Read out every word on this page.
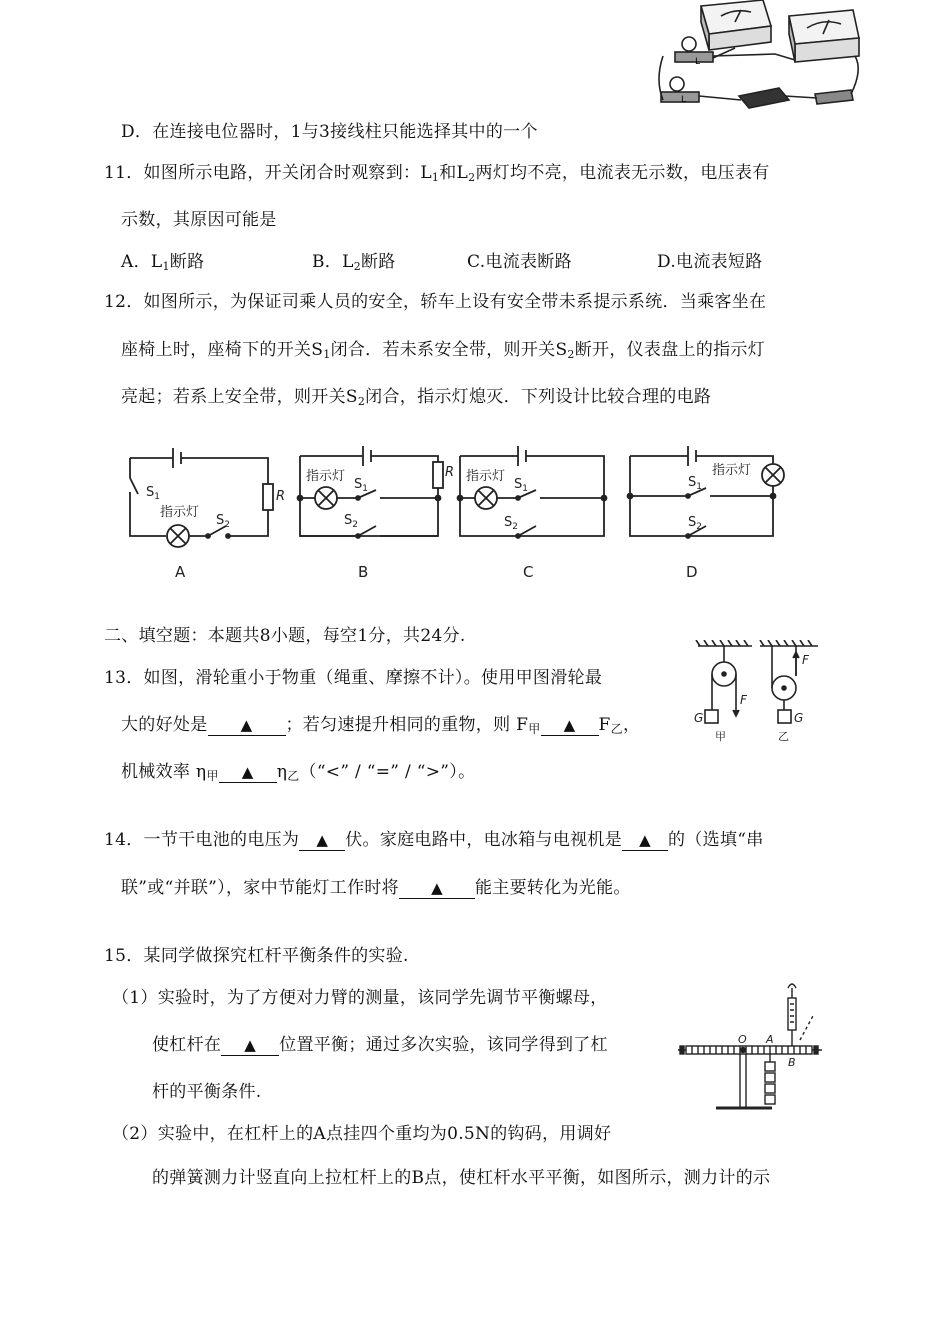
L
L
D．在连接电位器时，1与3接线柱只能选择其中的一个
11．如图所示电路，开关闭合时观察到：$L_1$和$L_2$两灯均不亮，电流表无示数，电压表有
示数，其原因可能是
A．$L_1$断路	B．$L_2$断路	C.电流表断路	D.电流表短路
12．如图所示，为保证司乘人员的安全，轿车上设有安全带未系提示系统．当乘客坐在
座椅上时，座椅下的开关$S_1$闭合．若未系安全带，则开关$S_2$断开，仪表盘上的指示灯
亮起；若系上安全带，则开关$S_2$闭合，指示灯熄灭．下列设计比较合理的电路
$S_1$
指示灯
$S_2$
R
指示灯
$S_1$
$S_2$
R 指示灯
$S_1$
$S_2$
指示灯
$S_1$
$S_2$
A	B	C	D
二、填空题：本题共8小题，每空1分，共24分.
13．如图，滑轮重小于物重（绳重、摩擦不计）。使用甲图滑轮最
大的好处是 ▲ ；若匀速提升相同的重物，则 $F_甲$ ▲ $F_乙$，
机械效率 $\eta_甲$ ▲ $\eta_乙(“<$” / “=” / “>”）。
G
F
F
G
甲	乙
14．一节干电池的电压为 ▲ 伏。家庭电路中，电冰箱与电视机是 ▲ 的（选填“串
联”或“并联”），家中节能灯工作时将 ▲ 能主要转化为光能。
15．某同学做探究杠杆平衡条件的实验.
（1）实验时，为了方便对力臂的测量，该同学先调节平衡螺母，
使杠杆在 ▲ 位置平衡；通过多次实验，该同学得到了杠
杆的平衡条件.
（2）实验中，在杠杆上的A点挂四个重均为0.5N的钩码，用调好
的弹簧测力计竖直向上拉杠杆上的B点，使杠杆水平平衡，如图所示，测力计的示
O A
B
